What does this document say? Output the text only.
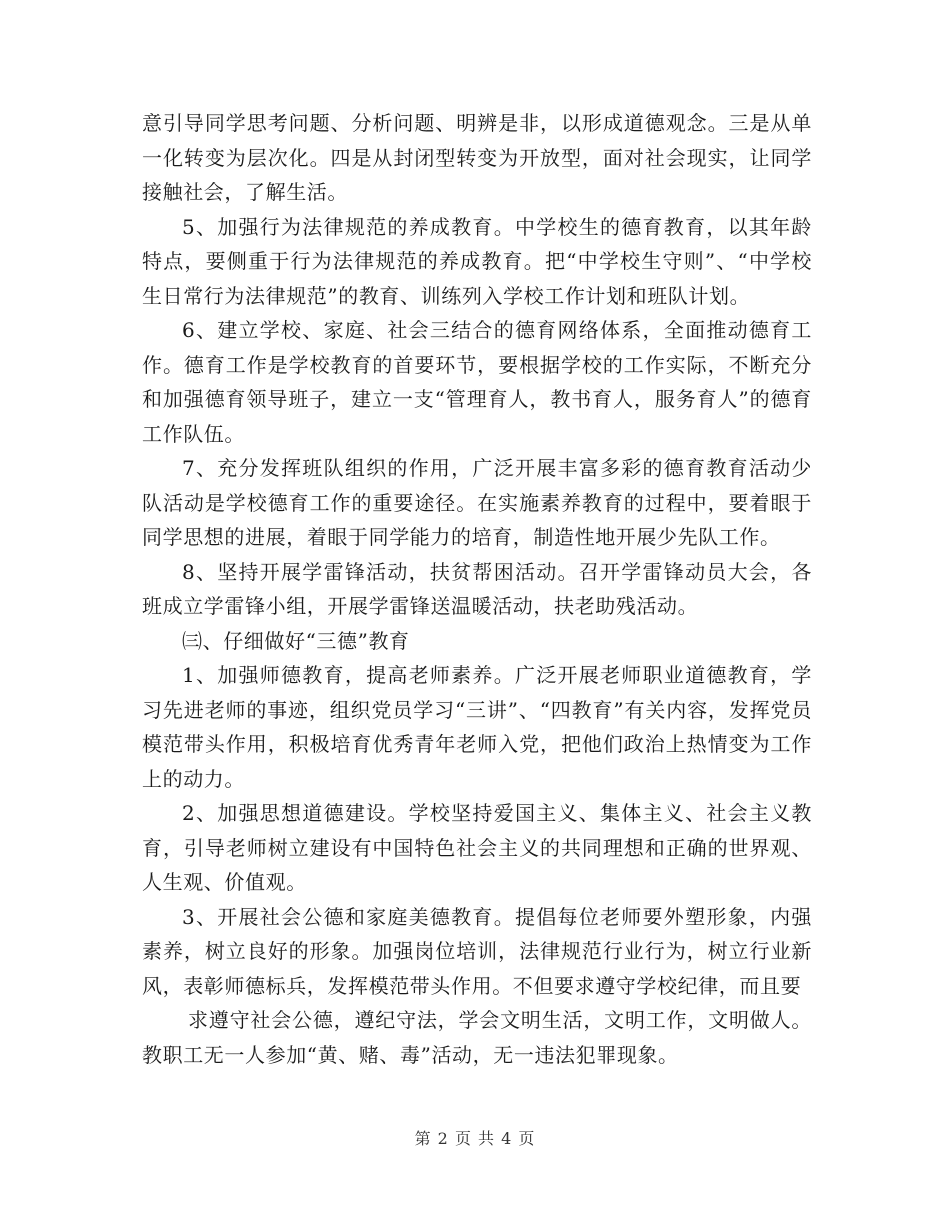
意引导同学思考问题、分析问题、明辨是非，以形成道德观念。三是从单一化转变为层次化。四是从封闭型转变为开放型，面对社会现实，让同学接触社会，了解生活。

5、加强行为法律规范的养成教育。中学校生的德育教育，以其年龄特点，要侧重于行为法律规范的养成教育。把“中学校生守则”、“中学校生日常行为法律规范”的教育、训练列入学校工作计划和班队计划。

6、建立学校、家庭、社会三结合的德育网络体系，全面推动德育工作。德育工作是学校教育的首要环节，要根据学校的工作实际，不断充分和加强德育领导班子，建立一支“管理育人，教书育人，服务育人”的德育工作队伍。

7、充分发挥班队组织的作用，广泛开展丰富多彩的德育教育活动少队活动是学校德育工作的重要途径。在实施素养教育的过程中，要着眼于同学思想的进展，着眼于同学能力的培育，制造性地开展少先队工作。

8、坚持开展学雷锋活动，扶贫帮困活动。召开学雷锋动员大会，各班成立学雷锋小组，开展学雷锋送温暖活动，扶老助残活动。

㈢、仔细做好“三德”教育

1、加强师德教育，提高老师素养。广泛开展老师职业道德教育，学习先进老师的事迹，组织党员学习“三讲”、“四教育”有关内容，发挥党员模范带头作用，积极培育优秀青年老师入党，把他们政治上热情变为工作上的动力。

2、加强思想道德建设。学校坚持爱国主义、集体主义、社会主义教育，引导老师树立建设有中国特色社会主义的共同理想和正确的世界观、人生观、价值观。

3、开展社会公德和家庭美德教育。提倡每位老师要外塑形象，内强素养，树立良好的形象。加强岗位培训，法律规范行业行为，树立行业新风，表彰师德标兵，发挥模范带头作用。不但要求遵守学校纪律，而且要

求遵守社会公德，遵纪守法，学会文明生活，文明工作，文明做人。教职工无一人参加“黄、赌、毒”活动，无一违法犯罪现象。

第 2 页 共 4 页
